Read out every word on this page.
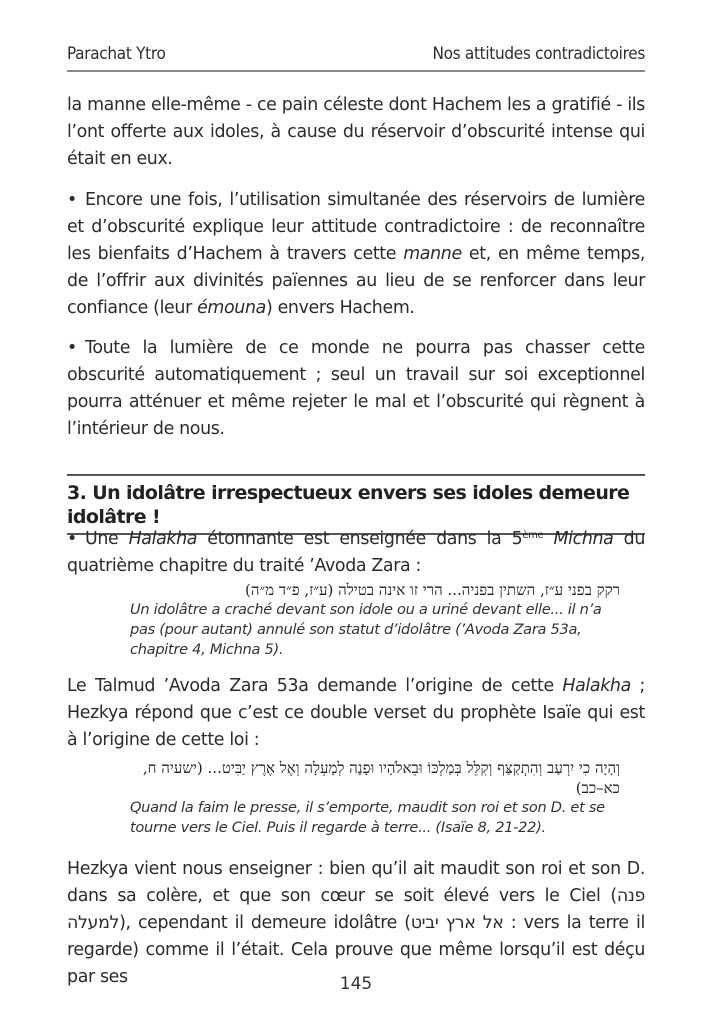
Parachat Ytro	Nos attitudes contradictoires

la manne elle-même - ce pain céleste dont Hachem les a gratifié - ils l’ont offerte aux idoles, à cause du réservoir d’obscurité intense qui était en eux.

• Encore une fois, l’utilisation simultanée des réservoirs de lumière et d’obscurité explique leur attitude contradictoire : de reconnaître les bienfaits d’Hachem à travers cette manne et, en même temps, de l’offrir aux divinités païennes au lieu de se renforcer dans leur confiance (leur émouna) envers Hachem.

• Toute la lumière de ce monde ne pourra pas chasser cette obscurité automatiquement ; seul un travail sur soi exceptionnel pourra atténuer et même rejeter le mal et l’obscurité qui règnent à l’intérieur de nous.

3. Un idolâtre irrespectueux envers ses idoles demeure idolâtre !

• Une Halakha étonnante est enseignée dans la 5ème Michna du quatrième chapitre du traité ’Avoda Zara :

רקק בפני ע״ז, השתין בפניה... הרי זו אינה בטילה (ע״ז, פ״ד מ״ה)
Un idolâtre a craché devant son idole ou a uriné devant elle... il n’a pas (pour autant) annulé son statut d’idolâtre (’Avoda Zara 53a, chapitre 4, Michna 5).

Le Talmud ’Avoda Zara 53a demande l’origine de cette Halakha ; Hezkya répond que c’est ce double verset du prophète Isaïe qui est à l’origine de cette loi :

וְהָיָה כִי יִרְעַב וְהִתְקַצַּף וְקִלֵּל בְּמַלְכּוֹ וּבֵאלֹהָיו וּפָנָה לְמָעְלָה וְאֶל אֶרֶץ יַבִּיט... (ישעיה ח, כא–כב)
Quand la faim le presse, il s’emporte, maudit son roi et son D. et se tourne vers le Ciel. Puis il regarde à terre... (Isaïe 8, 21-22).

Hezkya vient nous enseigner : bien qu’il ait maudit son roi et son D. dans sa colère, et que son cœur se soit élevé vers le Ciel (פנה למעלה), cependant il demeure idolâtre (אל ארץ יביט : vers la terre il regarde) comme il l’était. Cela prouve que même lorsqu’il est déçu par ses	145
